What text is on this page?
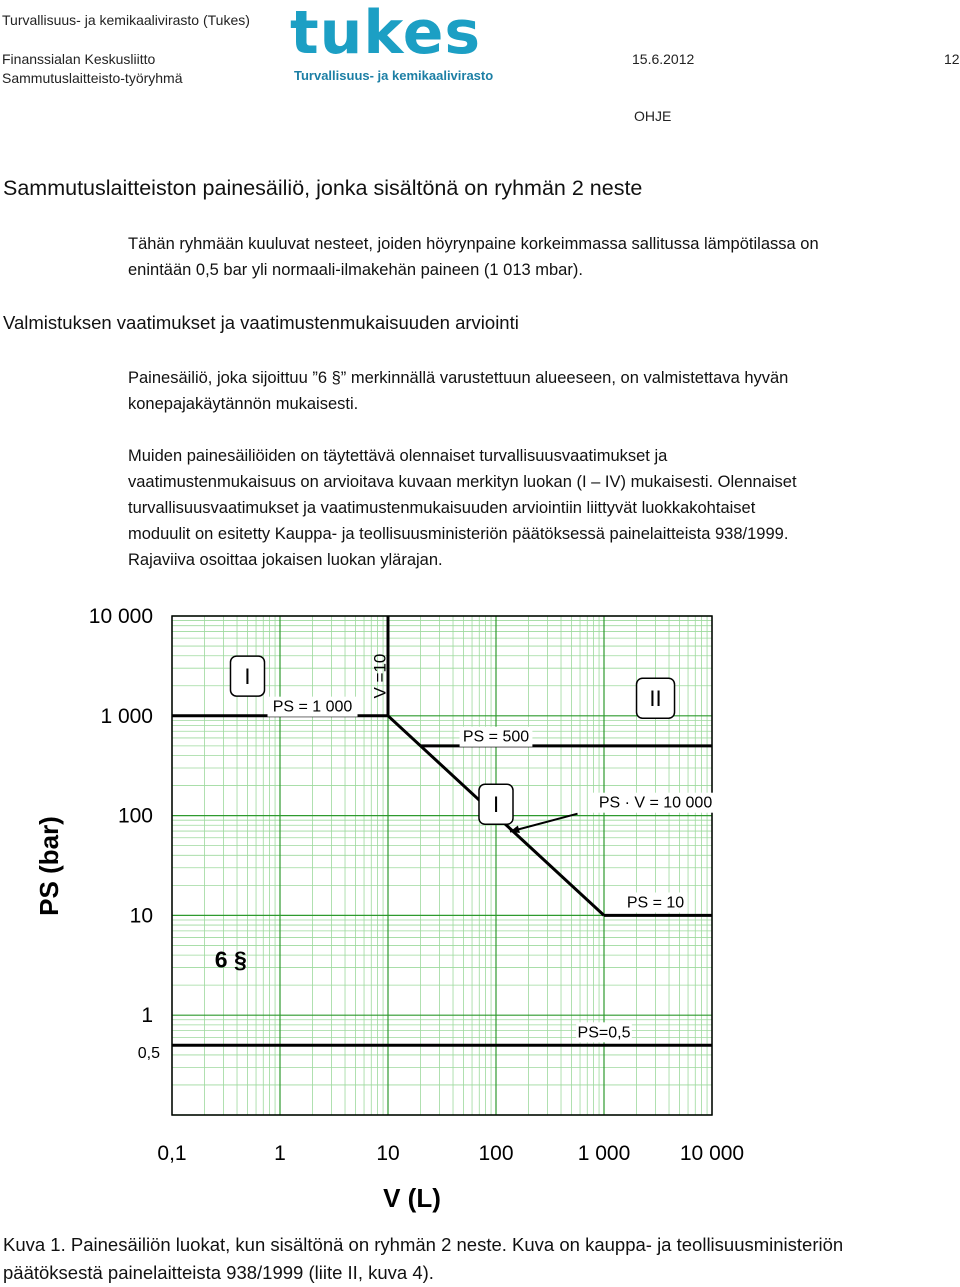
Turvallisuus- ja kemikaalivirasto (Tukes)
Finanssialan Keskusliitto
Sammutuslaitteisto-työryhmä
15.6.2012	12
OHJE
tukes
Turvallisuus- ja kemikaalivirasto
Sammutuslaitteiston painesäiliö, jonka sisältönä on ryhmän 2 neste
Tähän ryhmään kuuluvat nesteet, joiden höyrynpaine korkeimmassa sallitussa lämpötilassa on
enintään 0,5 bar yli normaali-ilmakehän paineen (1 013 mbar).
Valmistuksen vaatimukset ja vaatimustenmukaisuuden arviointi
Painesäiliö, joka sijoittuu ”6 §” merkinnällä varustettuun alueeseen, on valmistettava hyvän
konepajakäytännön mukaisesti.
Muiden painesäiliöiden on täytettävä olennaiset turvallisuusvaatimukset ja
vaatimustenmukaisuus on arvioitava kuvaan merkityn luokan (I – IV) mukaisesti. Olennaiset
turvallisuusvaatimukset ja vaatimustenmukaisuuden arviointiin liittyvät luokkakohtaiset
moduulit on esitetty Kauppa- ja teollisuusministeriön päätöksessä painelaitteista 938/1999.
Rajaviiva osoittaa jokaisen luokan ylärajan.
10 000
1 000
100
10
1
0,5
0,1	1	10	100	1 000 10 000
V (L)
PS (bar)
I
II
I
6 §
PS = 1 000
V =10
PS = 500
PS · V = 10 000
PS = 10
PS=0,5
Kuva 1. Painesäiliön luokat, kun sisältönä on ryhmän 2 neste. Kuva on kauppa- ja teollisuusministeriön
päätöksestä painelaitteista 938/1999 (liite II, kuva 4).
